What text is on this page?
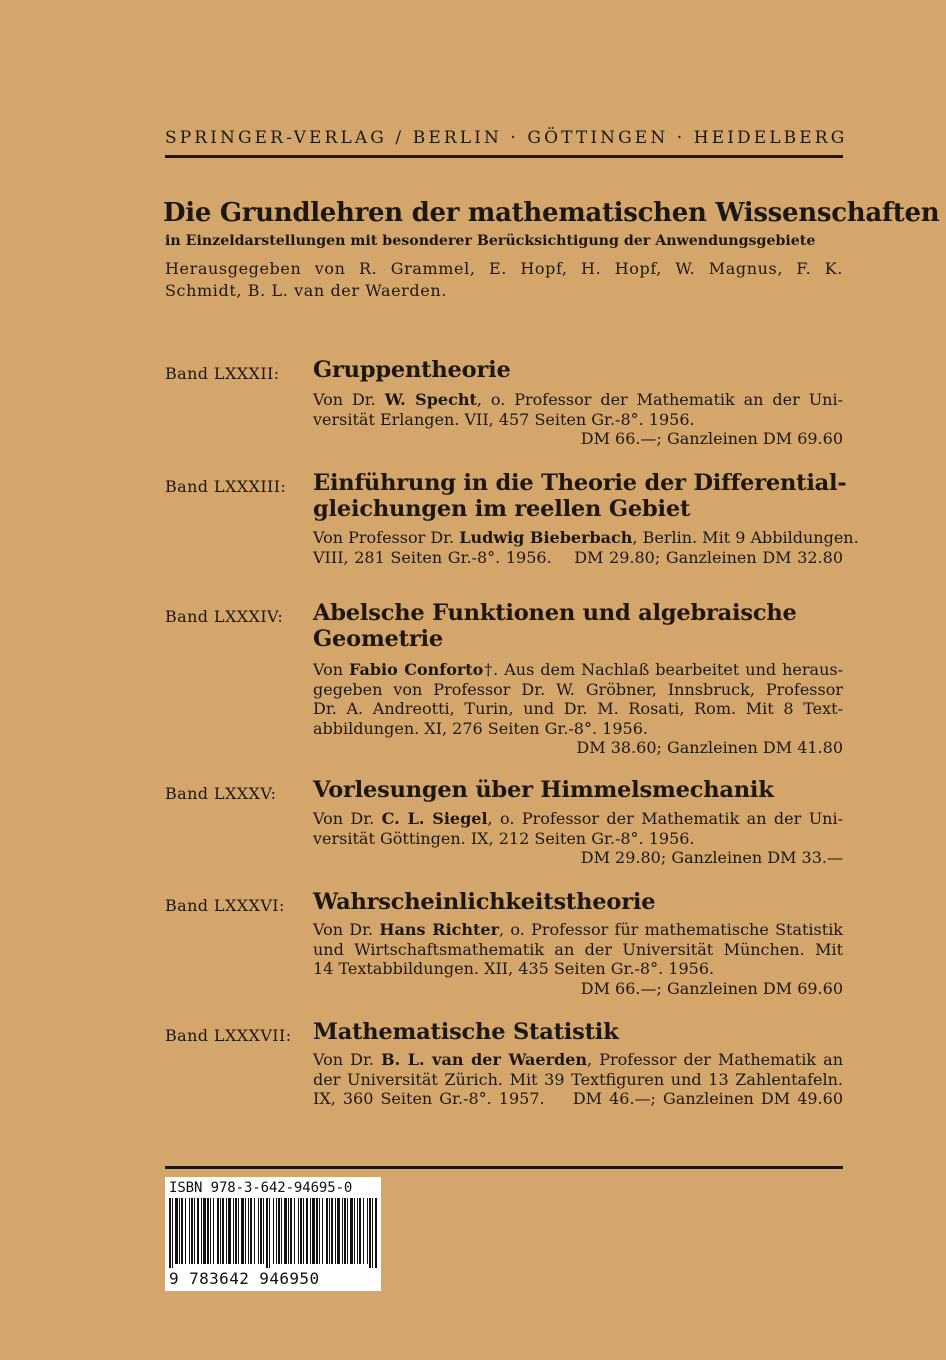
SPRINGER-VERLAG / BERLIN · GÖTTINGEN · HEIDELBERG
Die Grundlehren der mathematischen Wissenschaften
in Einzeldarstellungen mit besonderer Berücksichtigung der Anwendungsgebiete
Herausgegeben von R. Grammel, E. Hopf, H. Hopf, W. Magnus, F. K.
Schmidt, B. L. van der Waerden.
Band LXXXII: Gruppentheorie
Von Dr. W. Specht, o. Professor der Mathematik an der Uni-
versität Erlangen. VII, 457 Seiten Gr.-8°. 1956.
DM 66.—; Ganzleinen DM 69.60
Band LXXXIII: Einführung in die Theorie der Differential-
gleichungen im reellen Gebiet
Von Professor Dr. Ludwig Bieberbach, Berlin. Mit 9 Abbildungen.
VIII, 281 Seiten Gr.-8°. 1956.    DM 29.80; Ganzleinen DM 32.80
Band LXXXIV: Abelsche Funktionen und algebraische
Geometrie
Von Fabio Conforto†. Aus dem Nachlaß bearbeitet und heraus-
gegeben von Professor Dr. W. Gröbner, Innsbruck, Professor
Dr. A. Andreotti, Turin, und Dr. M. Rosati, Rom. Mit 8 Text-
abbildungen. XI, 276 Seiten Gr.-8°. 1956.
DM 38.60; Ganzleinen DM 41.80
Band LXXXV: Vorlesungen über Himmelsmechanik
Von Dr. C. L. Siegel, o. Professor der Mathematik an der Uni-
versität Göttingen. IX, 212 Seiten Gr.-8°. 1956.
DM 29.80; Ganzleinen DM 33.—
Band LXXXVI: Wahrscheinlichkeitstheorie
Von Dr. Hans Richter, o. Professor für mathematische Statistik
und Wirtschaftsmathematik an der Universität München. Mit
14 Textabbildungen. XII, 435 Seiten Gr.-8°. 1956.
DM 66.—; Ganzleinen DM 69.60
Band LXXXVII: Mathematische Statistik
Von Dr. B. L. van der Waerden, Professor der Mathematik an
der Universität Zürich. Mit 39 Textfiguren und 13 Zahlentafeln.
IX, 360 Seiten Gr.-8°. 1957.    DM 46.—; Ganzleinen DM 49.60
ISBN 978-3-642-94695-0
9 783642 946950
